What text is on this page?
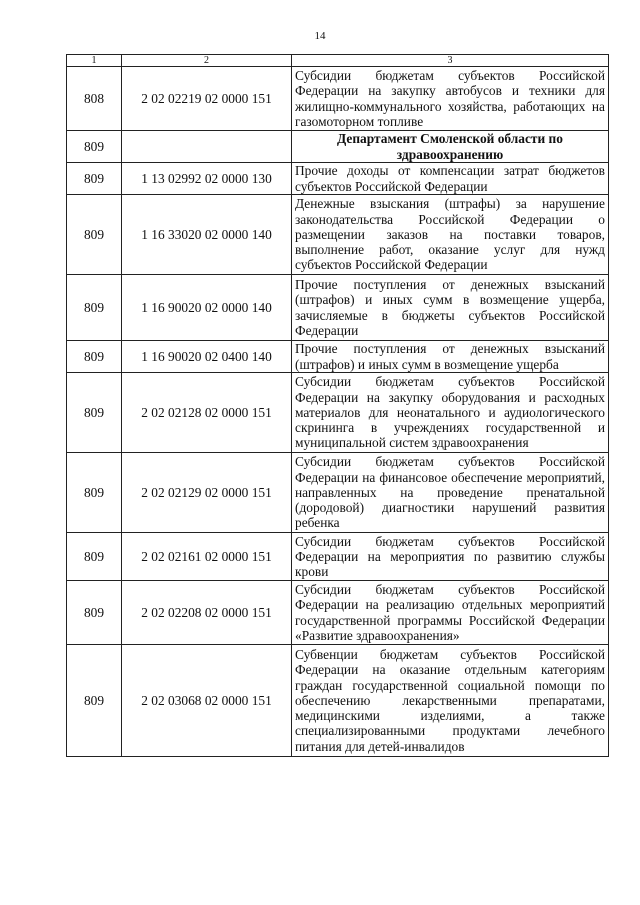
14
1	2	3
808	2 02 02219 02 0000 151	Субсидии бюджетам субъектов Российской Федерации на закупку автобусов и техники для жилищно-коммунального хозяйства, работающих на газомоторном топливе
809		Департамент Смоленской области по здравоохранению
809	1 13 02992 02 0000 130	Прочие доходы от компенсации затрат бюджетов субъектов Российской Федерации
809	1 16 33020 02 0000 140	Денежные взыскания (штрафы) за нарушение законодательства Российской Федерации о размещении заказов на поставки товаров, выполнение работ, оказание услуг для нужд субъектов Российской Федерации
809	1 16 90020 02 0000 140	Прочие поступления от денежных взысканий (штрафов) и иных сумм в возмещение ущерба, зачисляемые в бюджеты субъектов Российской Федерации
809	1 16 90020 02 0400 140	Прочие поступления от денежных взысканий (штрафов) и иных сумм в возмещение ущерба
809	2 02 02128 02 0000 151	Субсидии бюджетам субъектов Российской Федерации на закупку оборудования и расходных материалов для неонатального и аудиологического скрининга в учреждениях государственной и муниципальной систем здравоохранения
809	2 02 02129 02 0000 151	Субсидии бюджетам субъектов Российской Федерации на финансовое обеспечение мероприятий, направленных на проведение пренатальной (дородовой) диагностики нарушений развития ребенка
809	2 02 02161 02 0000 151	Субсидии бюджетам субъектов Российской Федерации на мероприятия по развитию службы крови
809	2 02 02208 02 0000 151	Субсидии бюджетам субъектов Российской Федерации на реализацию отдельных мероприятий государственной программы Российской Федерации «Развитие здравоохранения»
809	2 02 03068 02 0000 151	Субвенции бюджетам субъектов Российской Федерации на оказание отдельным категориям граждан государственной социальной помощи по обеспечению лекарственными препаратами, медицинскими изделиями, а также специализированными продуктами лечебного питания для детей-инвалидов
